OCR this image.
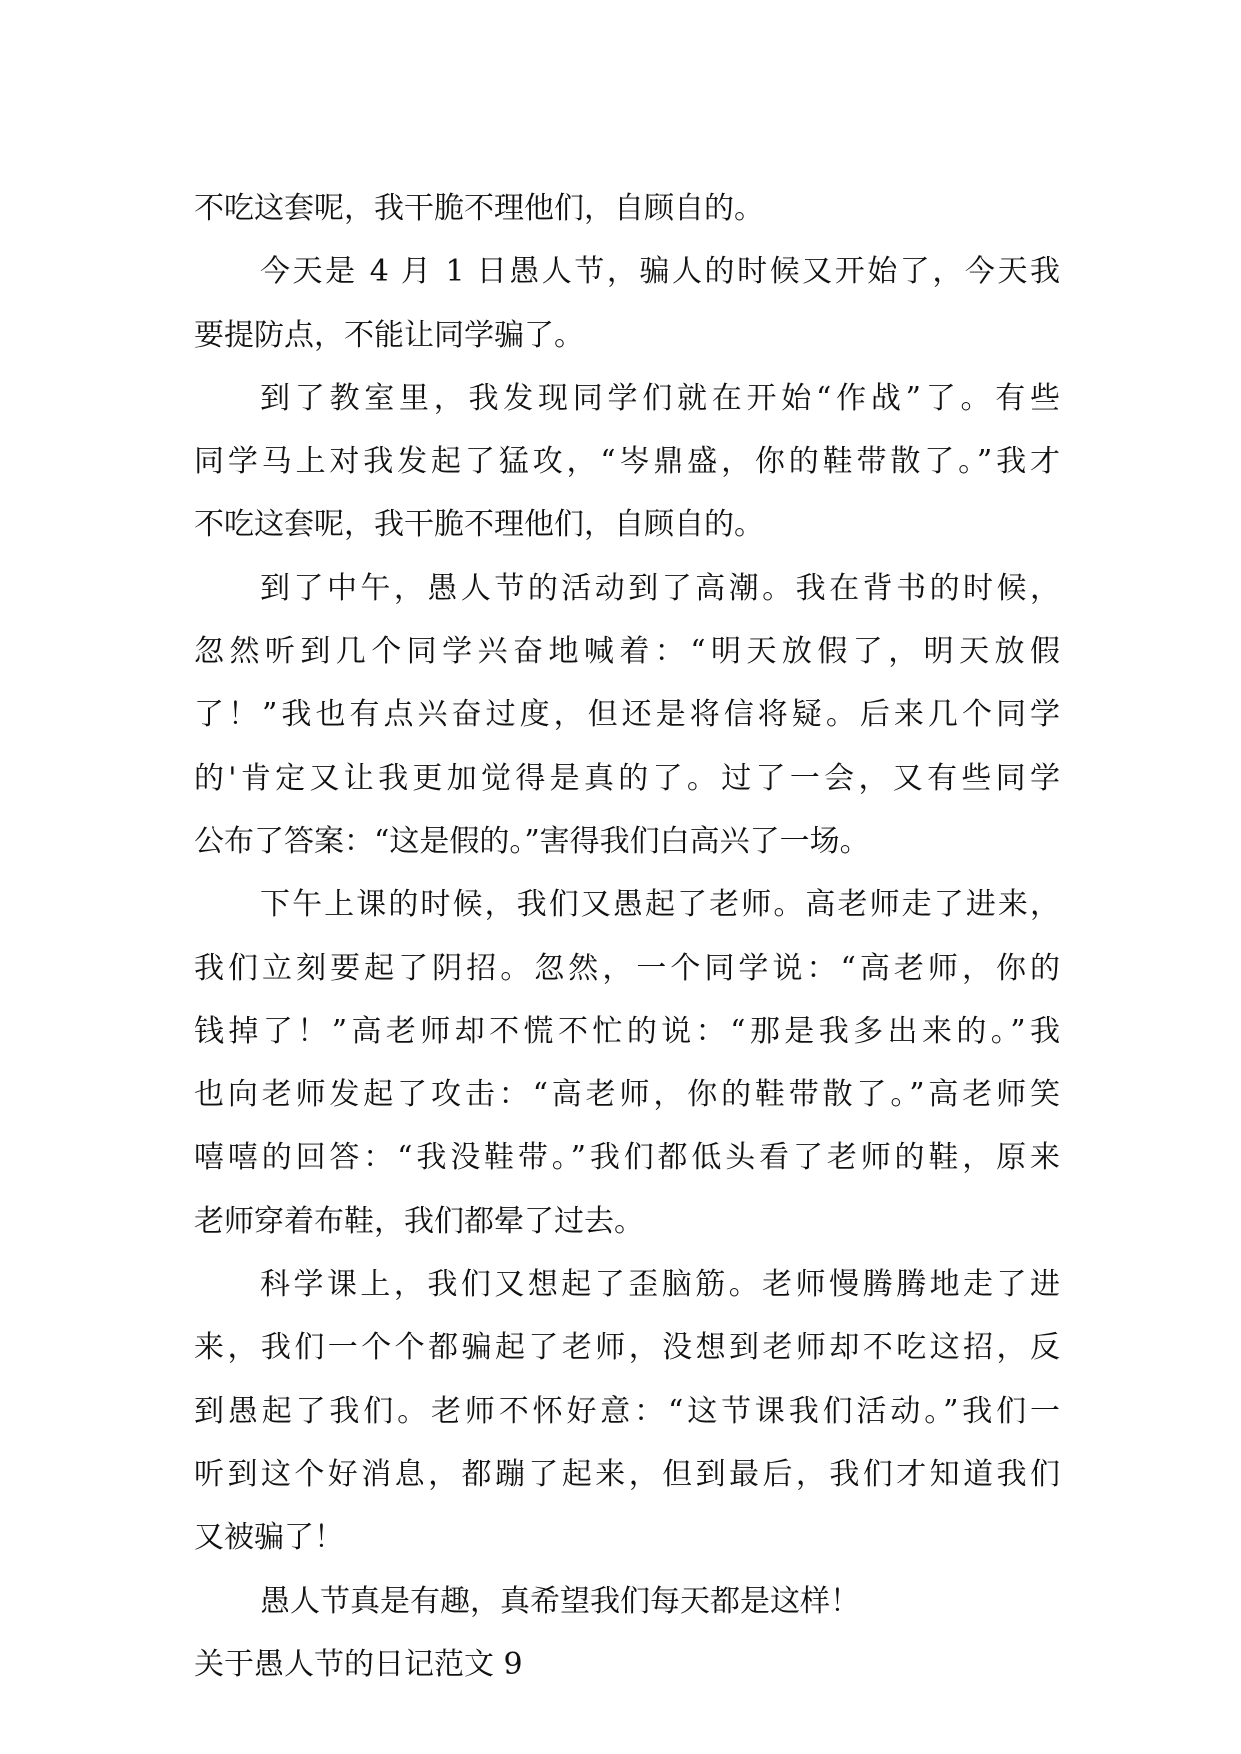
不吃这套呢，我干脆不理他们，自顾自的。
今天是 4 月 1 日愚人节，骗人的时候又开始了，今天我
要提防点，不能让同学骗了。
到了教室里，我发现同学们就在开始“作战”了。有些
同学马上对我发起了猛攻，“岑鼎盛，你的鞋带散了。”我才
不吃这套呢，我干脆不理他们，自顾自的。
到了中午，愚人节的活动到了高潮。我在背书的时候，
忽然听到几个同学兴奋地喊着：“明天放假了，明天放假
了！”我也有点兴奋过度，但还是将信将疑。后来几个同学
的'肯定又让我更加觉得是真的了。过了一会，又有些同学
公布了答案：“这是假的。”害得我们白高兴了一场。
下午上课的时候，我们又愚起了老师。高老师走了进来，
我们立刻要起了阴招。忽然，一个同学说：“高老师，你的
钱掉了！”高老师却不慌不忙的说：“那是我多出来的。”我
也向老师发起了攻击：“高老师，你的鞋带散了。”高老师笑
嘻嘻的回答：“我没鞋带。”我们都低头看了老师的鞋，原来
老师穿着布鞋，我们都晕了过去。
科学课上，我们又想起了歪脑筋。老师慢腾腾地走了进
来，我们一个个都骗起了老师，没想到老师却不吃这招，反
到愚起了我们。老师不怀好意：“这节课我们活动。”我们一
听到这个好消息，都蹦了起来，但到最后，我们才知道我们
又被骗了！
愚人节真是有趣，真希望我们每天都是这样！
关于愚人节的日记范文 9
